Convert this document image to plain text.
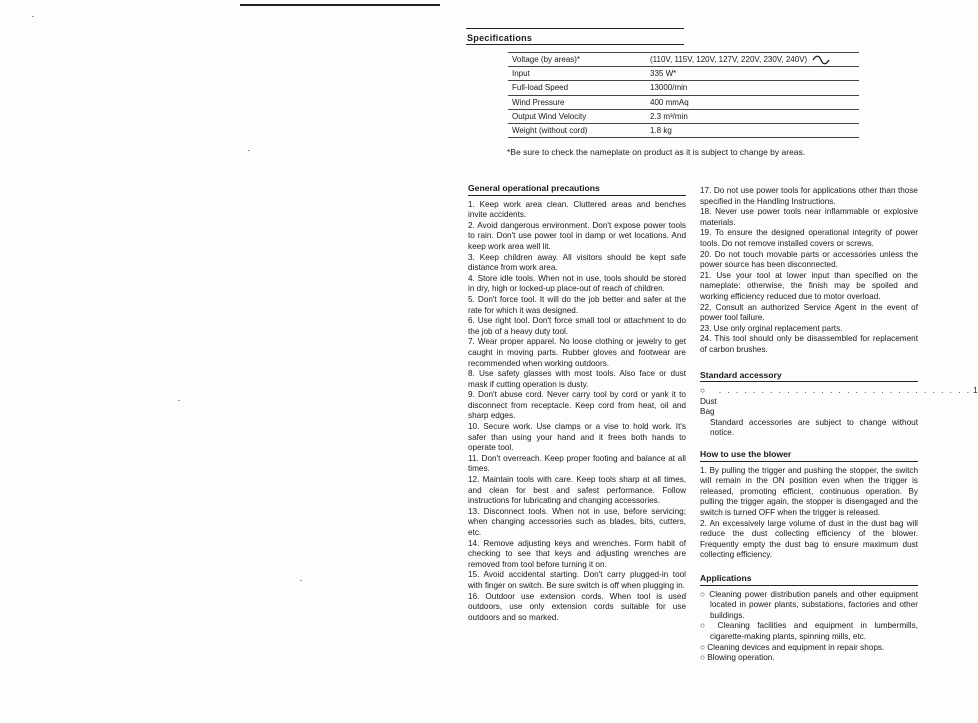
Specifications
Voltage (by areas)*	(110V, 115V, 120V, 127V, 220V, 230V, 240V)
Input	335 W*
Full-load Speed	13000/min
Wind Pressure	400 mmAq
Output Wind Velocity	2.3 m³/min
Weight (without cord)	1.8 kg
*Be sure to check the nameplate on product as it is subject to change by areas.
General operational precautions

1. Keep work area clean. Cluttered areas and benches invite accidents.

2. Avoid dangerous environment. Don't expose power tools to rain. Don't use power tool in damp or wet locations. And keep work area well lit.

3. Keep children away. All visitors should be kept safe distance from work area.

4. Store idle tools. When not in use, tools should be stored in dry, high or locked-up place-out of reach of children.

5. Don't force tool. It will do the job better and safer at the rate for which it was designed.

6. Use right tool. Don't force small tool or attachment to do the job of a heavy duty tool.

7. Wear proper apparel. No loose clothing or jewelry to get caught in moving parts. Rubber gloves and footwear are recommended when working outdoors.

8. Use safety glasses with most tools. Also face or dust mask if cutting operation is dusty.

9. Don't abuse cord. Never carry tool by cord or yank it to disconnect from receptacle. Keep cord from heat, oil and sharp edges.

10. Secure work. Use clamps or a vise to hold work. It's safer than using your hand and it frees both hands to operate tool.

11. Don't overreach. Keep proper footing and balance at all times.

12. Maintain tools with care. Keep tools sharp at all times, and clean for best and safest performance. Follow instructions for lubricating and changing accessories.

13. Disconnect tools. When not in use, before servicing; when changing accessories such as blades, bits, cutters, etc.

14. Remove adjusting keys and wrenches. Form habit of checking to see that keys and adjusting wrenches are removed from tool before turning it on.

15. Avoid accidental starting. Don't carry plugged-in tool with finger on switch. Be sure switch is off when plugging in.

16. Outdoor use extension cords. When tool is used outdoors, use only extension cords suitable for use outdoors and so marked.

17. Do not use power tools for applications other than those specified in the Handling Instructions.

18. Never use power tools near inflammable or explosive materials.

19. To ensure the designed operational integrity of power tools. Do not remove installed covers or screws.

20. Do not touch movable parts or accessories unless the power source has been disconnected.

21. Use your tool at lower input than specified on the nameplate: otherwise, the finish may be spoiled and working efficiency reduced due to motor overload.

22. Consult an authorized Service Agent in the event of power tool failure.

23. Use only orginal replacement parts.

24. This tool should only be disassembled for replacement of carbon brushes.

Standard accessory
○ Dust Bag
. . . . . . . . . . . . . . . . . . . . . . . . . . . . . . 1

Standard accessories are subject to change without notice.

How to use the blower

1. By pulling the trigger and pushing the stopper, the switch will remain in the ON position even when the trigger is released, promoting efficient, continuous operation. By pulling the trigger again, the stopper is disengaged and the switch is turned OFF when the trigger is released.

2. An excessively large volume of dust in the dust bag will reduce the dust collecting efficiency of the blower. Frequently empty the dust bag to ensure maximum dust collecting efficiency.

Applications

○ Cleaning power distribution panels and other equipment located in power plants, substations, factories and other buildings.

○ Cleaning facilities and equipment in lumbermills, cigarette-making plants, spinning mills, etc.

○ Cleaning devices and equipment in repair shops.

○ Blowing operation.
